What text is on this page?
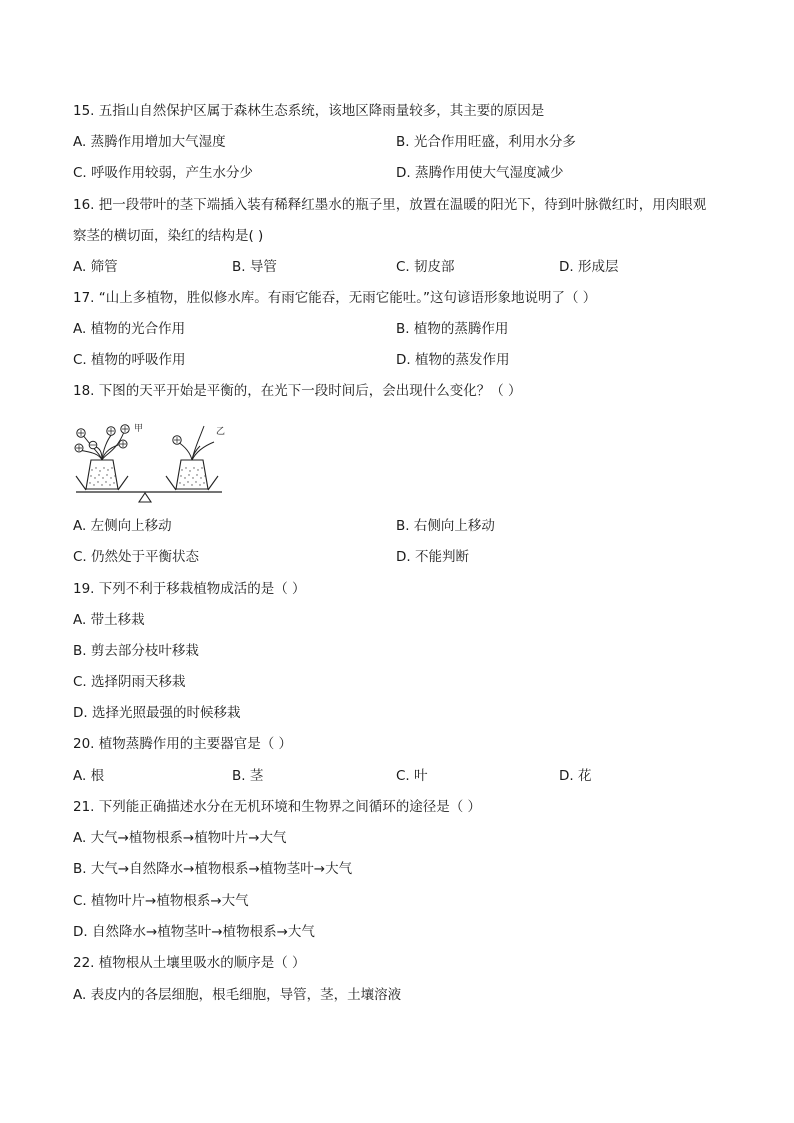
15. 五指山自然保护区属于森林生态系统，该地区降雨量较多，其主要的原因是
A. 蒸腾作用增加大气湿度	B. 光合作用旺盛，利用水分多
C. 呼吸作用较弱，产生水分少	D. 蒸腾作用使大气湿度减少
16. 把一段带叶的茎下端插入装有稀释红墨水的瓶子里，放置在温暖的阳光下，待到叶脉微红时，用肉眼观
察茎的横切面，染红的结构是( )
A. 筛管	B. 导管	C. 韧皮部	D. 形成层
17. “山上多植物，胜似修水库。有雨它能吞，无雨它能吐。”这句谚语形象地说明了（ ）
A. 植物的光合作用	B. 植物的蒸腾作用
C. 植物的呼吸作用	D. 植物的蒸发作用
18. 下图的天平开始是平衡的，在光下一段时间后，会出现什么变化？（ ）
甲	乙
A. 左侧向上移动	B. 右侧向上移动
C. 仍然处于平衡状态	D. 不能判断
19. 下列不利于移栽植物成活的是（ ）
A. 带土移栽
B. 剪去部分枝叶移栽
C. 选择阴雨天移栽
D. 选择光照最强的时候移栽
20. 植物蒸腾作用的主要器官是（ ）
A. 根	B. 茎	C. 叶	D. 花
21. 下列能正确描述水分在无机环境和生物界之间循环的途径是（ ）
A. 大气→植物根系→植物叶片→大气
B. 大气→自然降水→植物根系→植物茎叶→大气
C. 植物叶片→植物根系→大气
D. 自然降水→植物茎叶→植物根系→大气
22. 植物根从土壤里吸水的顺序是（ ）
A. 表皮内的各层细胞，根毛细胞，导管，茎，土壤溶液
